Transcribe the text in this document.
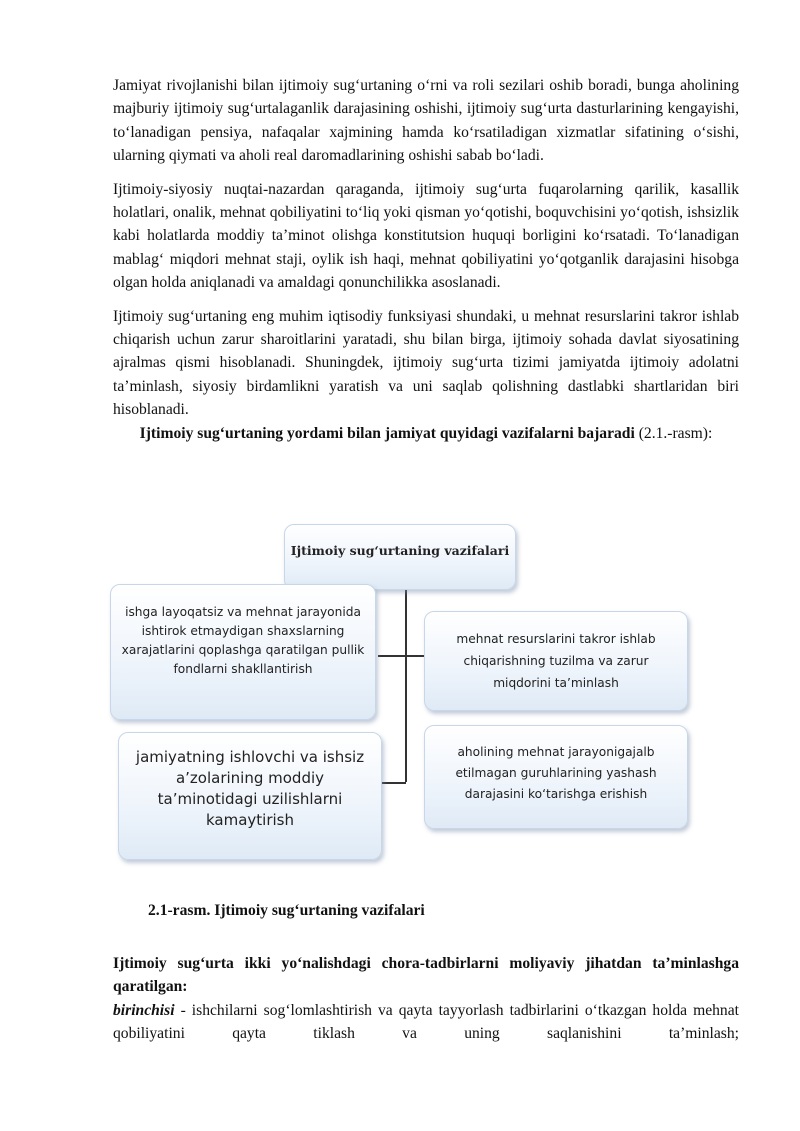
Jamiyat rivojlanishi bilan ijtimoiy sug‘urtaning o‘rni va roli sezilari oshib boradi, bunga aholining majburiy ijtimoiy sug‘urtalaganlik darajasining oshishi, ijtimoiy sug‘urta dasturlarining kengayishi, to‘lanadigan pensiya, nafaqalar xajmining hamda ko‘rsatiladigan xizmatlar sifatining o‘sishi, ularning qiymati va aholi real daromadlarining oshishi sabab bo‘ladi.

Ijtimoiy-siyosiy nuqtai-nazardan qaraganda, ijtimoiy sug‘urta fuqarolarning qarilik, kasallik holatlari, onalik, mehnat qobiliyatini to‘liq yoki qisman yo‘qotishi, boquvchisini yo‘qotish, ishsizlik kabi holatlarda moddiy ta’minot olishga konstitutsion huquqi borligini ko‘rsatadi. To‘lanadigan mablag‘ miqdori mehnat staji, oylik ish haqi, mehnat qobiliyatini yo‘qotganlik darajasini hisobga olgan holda aniqlanadi va amaldagi qonunchilikka asoslanadi.

Ijtimoiy sug‘urtaning eng muhim iqtisodiy funksiyasi shundaki, u mehnat resurslarini takror ishlab chiqarish uchun zarur sharoitlarini yaratadi, shu bilan birga, ijtimoiy sohada davlat siyosatining ajralmas qismi hisoblanadi. Shuningdek, ijtimoiy sug‘urta tizimi jamiyatda ijtimoiy adolatni ta’minlash, siyosiy birdamlikni yaratish va uni saqlab qolishning dastlabki shartlaridan biri hisoblanadi.

Ijtimoiy sug‘urtaning yordami bilan jamiyat quyidagi vazifalarni bajaradi (2.1.-rasm):

Ijtimoiy sug‘urtaning vazifalari
ishga layoqatsiz va mehnat jarayonida ishtirok etmaydigan shaxslarning xarajatlarini qoplashga qaratilgan pullik fondlarni shakllantirish
mehnat resurslarini takror ishlab chiqarishning tuzilma va zarur miqdorini ta’minlash
jamiyatning ishlovchi va ishsiz a’zolarining moddiy ta’minotidagi uzilishlarni kamaytirish
aholining mehnat jarayonigajalb etilmagan guruhlarining yashash darajasini ko‘tarishga erishish

2.1-rasm. Ijtimoiy sug‘urtaning vazifalari

Ijtimoiy sug‘urta ikki yo‘nalishdagi chora-tadbirlarni moliyaviy jihatdan ta’minlashga qaratilgan:

birinchisi - ishchilarni sog‘lomlashtirish va qayta tayyorlash tadbirlarini o‘tkazgan holda mehnat qobiliyatini qayta tiklash va uning saqlanishini ta’minlash;
